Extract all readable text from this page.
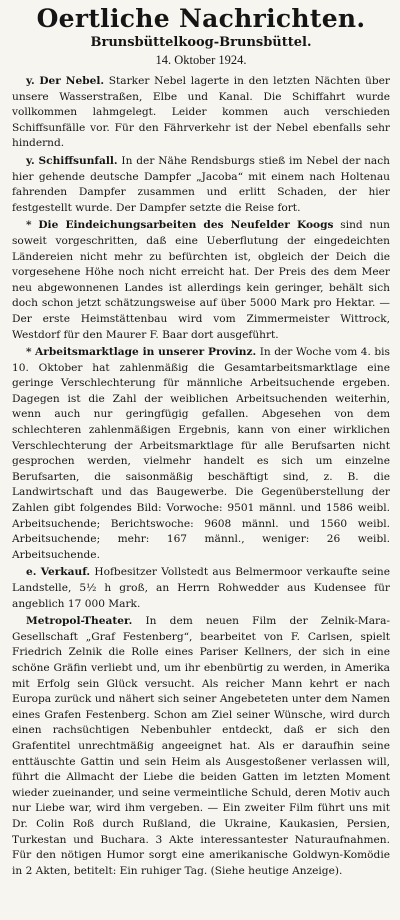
Oertliche Nachrichten.

Brunsbüttelkoog-Brunsbüttel.

14. Oktober 1924.

y. Der Nebel. Starker Nebel lagerte in den letzten Nächten über unsere Wasserstraßen, Elbe und Kanal. Die Schiffahrt wurde vollkommen lahmgelegt. Leider kommen auch verschieden Schiffsunfälle vor. Für den Fährverkehr ist der Nebel ebenfalls sehr hindernd.

y. Schiffsunfall. In der Nähe Rendsburgs stieß im Nebel der nach hier gehende deutsche Dampfer „Jacoba“ mit einem nach Holtenau fahrenden Dampfer zusammen und erlitt Schaden, der hier festgestellt wurde. Der Dampfer setzte die Reise fort.

* Die Eindeichungsarbeiten des Neufelder Koogs sind nun soweit vorgeschritten, daß eine Ueberflutung der eingedeichten Ländereien nicht mehr zu befürchten ist, obgleich der Deich die vorgesehene Höhe noch nicht erreicht hat. Der Preis des dem Meer neu abgewonnenen Landes ist allerdings kein geringer, behält sich doch schon jetzt schätzungsweise auf über 5000 Mark pro Hektar. — Der erste Heimstättenbau wird vom Zimmermeister Wittrock, Westdorf für den Maurer F. Baar dort ausgeführt.

* Arbeitsmarktlage in unserer Provinz. In der Woche vom 4. bis 10. Oktober hat zahlenmäßig die Gesamtarbeitsmarktlage eine geringe Verschlechterung für männliche Arbeitsuchende ergeben. Dagegen ist die Zahl der weiblichen Arbeitsuchenden weiterhin, wenn auch nur geringfügig gefallen. Abgesehen von dem schlechteren zahlenmäßigen Ergebnis, kann von einer wirklichen Verschlechterung der Arbeitsmarktlage für alle Berufsarten nicht gesprochen werden, vielmehr handelt es sich um einzelne Berufsarten, die saisonmäßig beschäftigt sind, z. B. die Landwirtschaft und das Baugewerbe. Die Gegenüberstellung der Zahlen gibt folgendes Bild: Vorwoche: 9501 männl. und 1586 weibl. Arbeitsuchende; Berichtswoche: 9608 männl. und 1560 weibl. Arbeitsuchende; mehr: 167 männl., weniger: 26 weibl. Arbeitsuchende.

e. Verkauf. Hofbesitzer Vollstedt aus Belmermoor verkaufte seine Landstelle, 5½ h groß, an Herrn Rohwedder aus Kudensee für angeblich 17 000 Mark.

Metropol-Theater. In dem neuen Film der Zelnik-Mara-Gesellschaft „Graf Festenberg“, bearbeitet von F. Carlsen, spielt Friedrich Zelnik die Rolle eines Pariser Kellners, der sich in eine schöne Gräfin verliebt und, um ihr ebenbürtig zu werden, in Amerika mit Erfolg sein Glück versucht. Als reicher Mann kehrt er nach Europa zurück und nähert sich seiner Angebeteten unter dem Namen eines Grafen Festenberg. Schon am Ziel seiner Wünsche, wird durch einen rachsüchtigen Nebenbuhler entdeckt, daß er sich den Grafentitel unrechtmäßig angeeignet hat. Als er daraufhin seine enttäuschte Gattin und sein Heim als Ausgestoßener verlassen will, führt die Allmacht der Liebe die beiden Gatten im letzten Moment wieder zueinander, und seine vermeintliche Schuld, deren Motiv auch nur Liebe war, wird ihm vergeben. — Ein zweiter Film führt uns mit Dr. Colin Roß durch Rußland, die Ukraine, Kaukasien, Persien, Turkestan und Buchara. 3 Akte interessantester Naturaufnahmen. Für den nötigen Humor sorgt eine amerikanische Goldwyn-Komödie in 2 Akten, betitelt: Ein ruhiger Tag. (Siehe heutige Anzeige).
